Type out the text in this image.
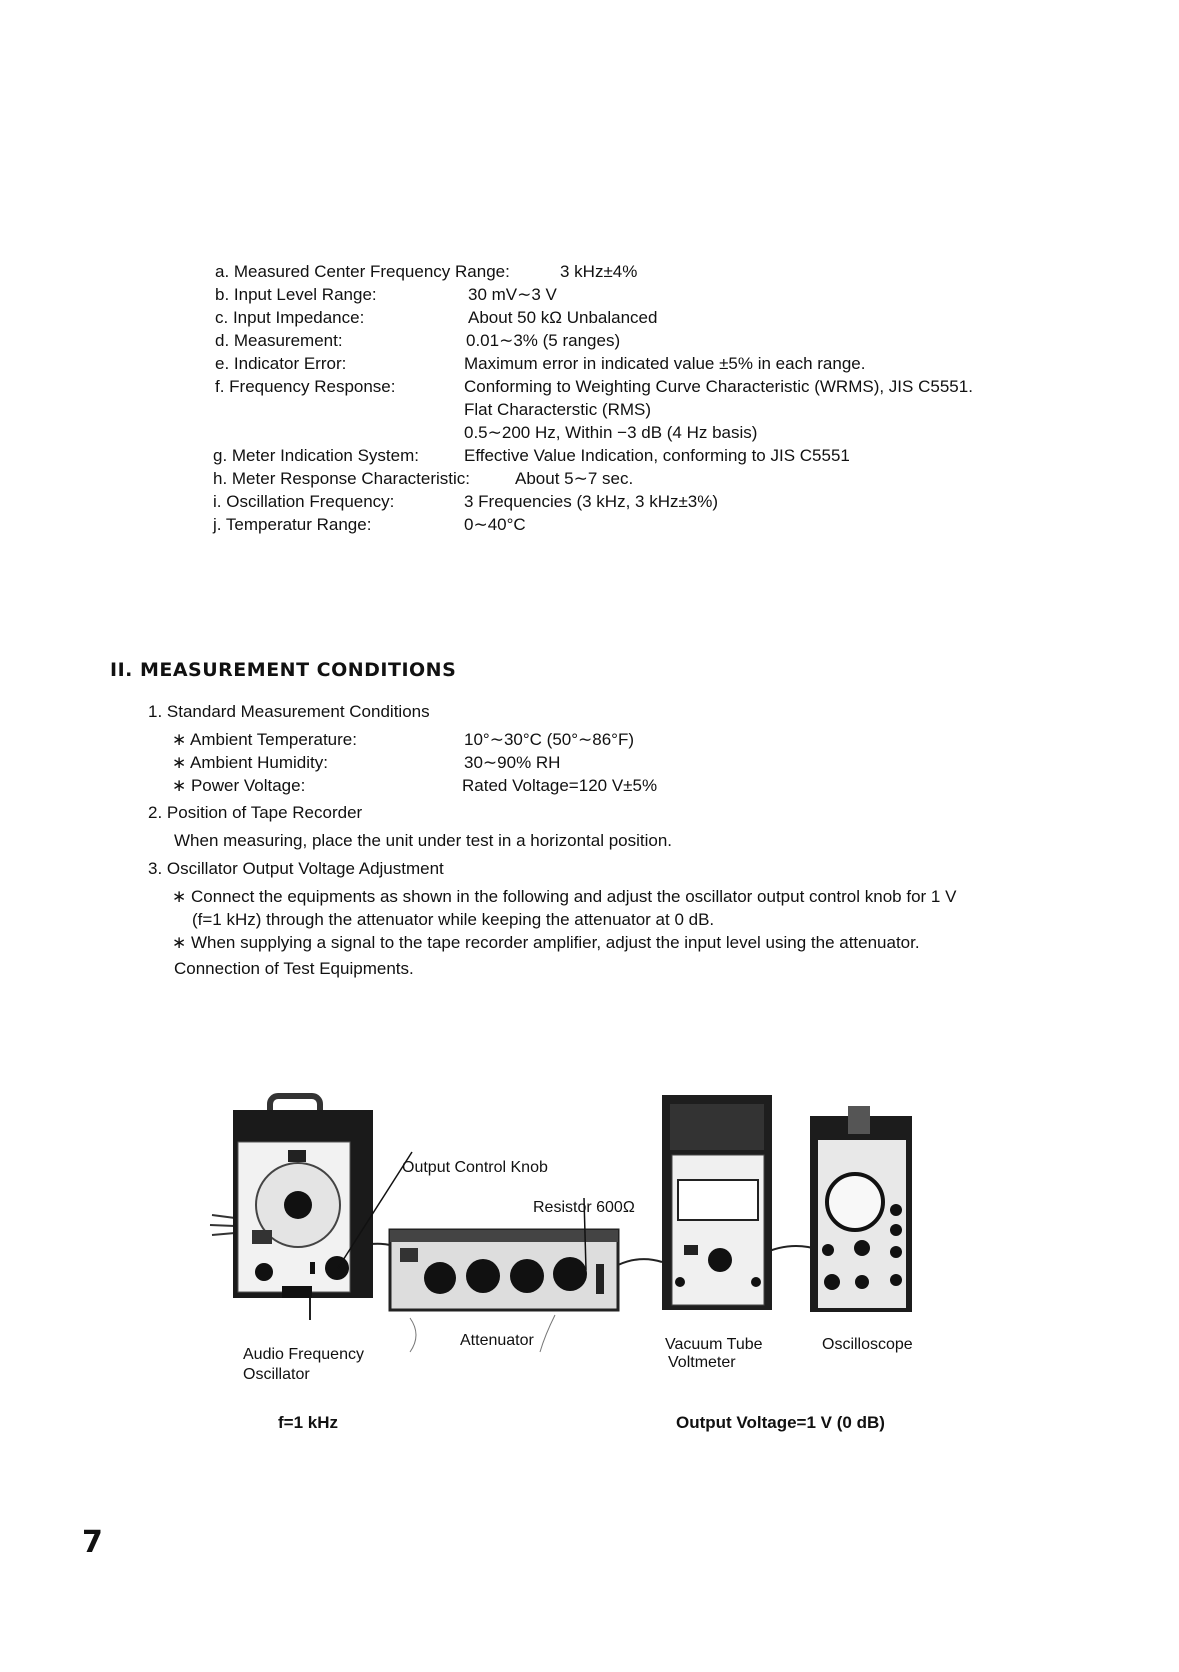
a. Measured Center Frequency Range:	3 kHz±4%
b. Input Level Range:	30 mV∼3 V
c. Input Impedance:	About 50 kΩ Unbalanced
d. Measurement:	0.01∼3% (5 ranges)
e. Indicator Error:	Maximum error in indicated value ±5% in each range.
f. Frequency Response:	Conforming to Weighting Curve Characteristic (WRMS), JIS C5551.
Flat Characterstic (RMS)
0.5∼200 Hz, Within −3 dB (4 Hz basis)
g. Meter Indication System:	Effective Value Indication, conforming to JIS C5551
h. Meter Response Characteristic:	About 5∼7 sec.
i. Oscillation Frequency:	3 Frequencies (3 kHz, 3 kHz±3%)
j. Temperatur Range:	0∼40°C
II. MEASUREMENT CONDITIONS
1. Standard Measurement Conditions
∗ Ambient Temperature:	10°∼30°C (50°∼86°F)
∗ Ambient Humidity:	30∼90% RH
∗ Power Voltage:	Rated Voltage=120 V±5%
2. Position of Tape Recorder
When measuring, place the unit under test in a horizontal position.
3. Oscillator Output Voltage Adjustment
∗ Connect the equipments as shown in the following and adjust the oscillator output control knob for 1 V
(f=1 kHz) through the attenuator while keeping the attenuator at 0 dB.
∗ When supplying a signal to the tape recorder amplifier, adjust the input level using the attenuator.
Connection of Test Equipments.
Output Control Knob
Resistor 600Ω
Audio Frequency
Oscillator
Attenuator	Vacuum Tube
Voltmeter
Oscilloscope
f=1 kHz	Output Voltage=1 V (0 dB)
7
